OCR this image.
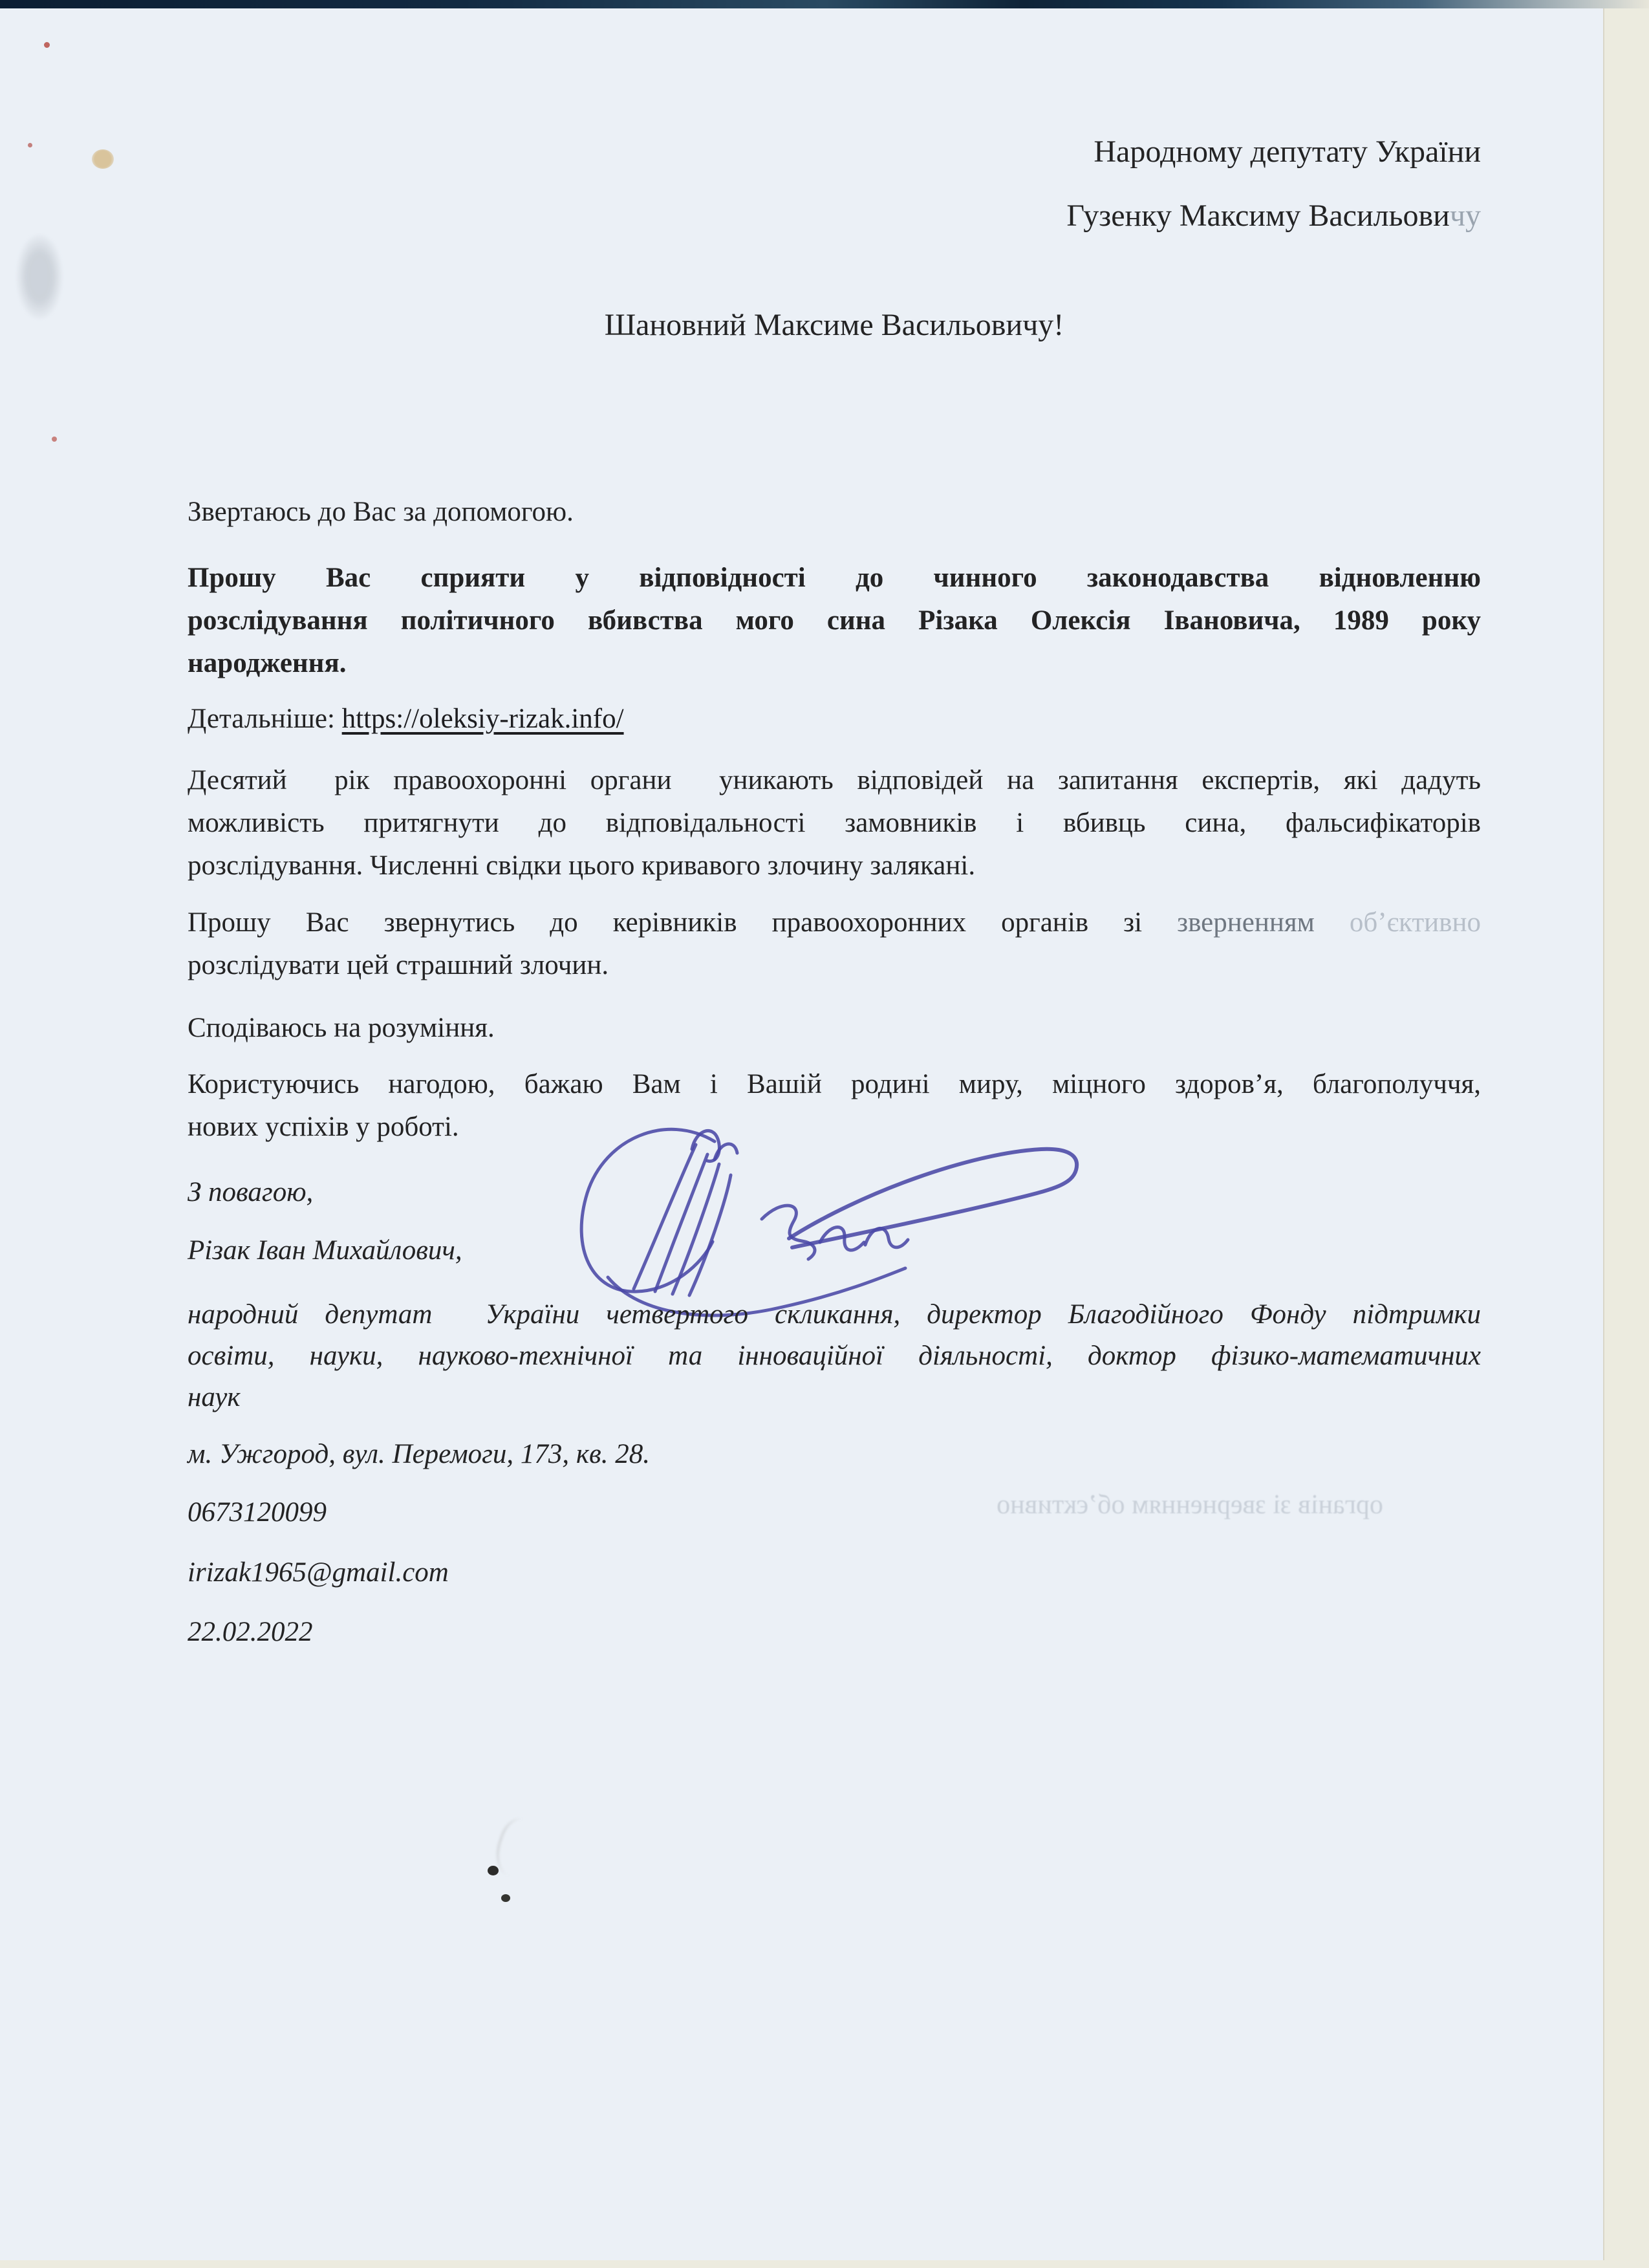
Народному депутату України
Гузенку Максиму Васильовичу
Шановний Максиме Васильовичу!
Звертаюсь до Вас за допомогою.
Прошу Вас сприяти у відповідності до чинного законодавства відновленню
розслідування політичного вбивства мого сина Різака Олексія Івановича, 1989 року
народження.
Детальніше: https://oleksiy-rizak.info/
Десятий  рік правоохоронні органи  уникають відповідей на запитання експертів, які дадуть
можливість притягнути до відповідальності замовників і вбивць сина, фальсифікаторів
розслідування. Численні свідки цього кривавого злочину залякані.
Прошу Вас звернутись до керівників правоохоронних органів зі зверненням об’єктивно
розслідувати цей страшний злочин.
Сподіваюсь на розуміння.
Користуючись нагодою, бажаю Вам і Вашій родині миру, міцного здоров’я, благополуччя,
нових успіхів у роботі.
З повагою,
Різак Іван Михайлович,
народний депутат  України четвертого скликання, директор Благодійного Фонду підтримки
освіти, науки, науково-технічної та інноваційної діяльності, доктор фізико-математичних
наук
м. Ужгород, вул. Перемоги, 173, кв. 28.
0673120099
irizak1965@gmail.com
22.02.2022
органів зі зверненням об’єктивно
